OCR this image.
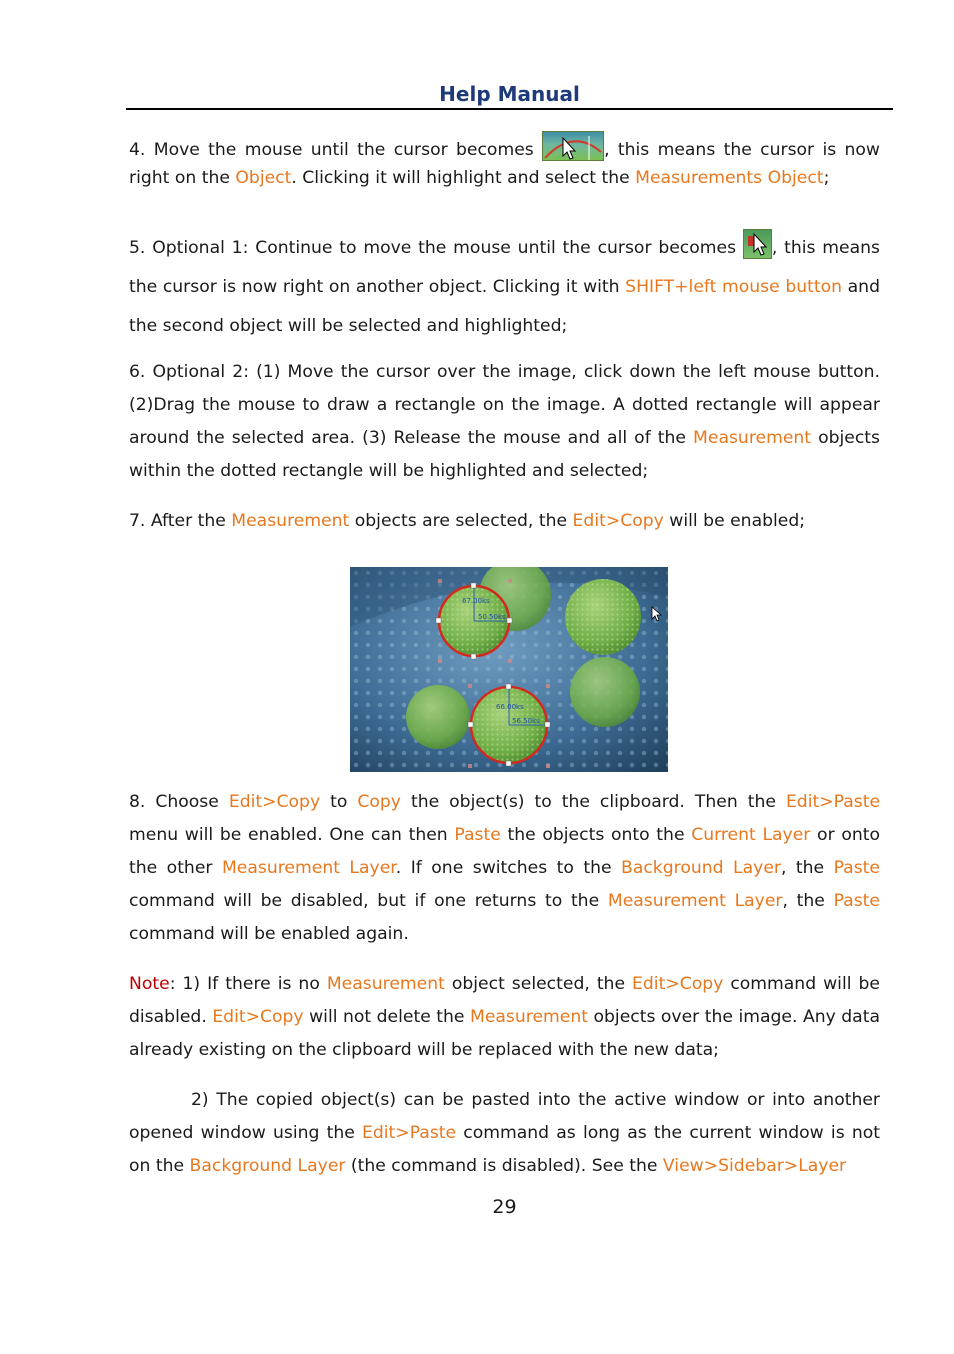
Help Manual

4. Move the mouse until the cursor becomes	, this means the cursor is now right on the Object. Clicking it will highlight and select the Measurements Object;

5. Optional 1: Continue to move the mouse until the cursor becomes
, this means the cursor is now right on another object. Clicking it with SHIFT+left mouse button and the second object will be selected and highlighted;

6. Optional 2: (1) Move the cursor over the image, click down the left mouse button. (2)Drag the mouse to draw a rectangle on the image. A dotted rectangle will appear around the selected area. (3) Release the mouse and all of the Measurement objects within the dotted rectangle will be highlighted and selected;

7. After the Measurement objects are selected, the Edit>Copy will be enabled;

67.00ks
50.50ks
66.00ks
56.50ks

8. Choose Edit>Copy to Copy the object(s) to the clipboard. Then the Edit>Paste menu will be enabled. One can then Paste the objects onto the Current Layer or onto the other Measurement Layer. If one switches to the Background Layer, the Paste command will be disabled, but if one returns to the Measurement Layer, the Paste command will be enabled again.

Note: 1) If there is no Measurement object selected, the Edit>Copy command will be disabled. Edit>Copy will not delete the Measurement objects over the image. Any data already existing on the clipboard will be replaced with the new data;

2) The copied object(s) can be pasted into the active window or into another opened window using the Edit>Paste command as long as the current window is not on the Background Layer (the command is disabled). See the View>Sidebar>Layer

29
